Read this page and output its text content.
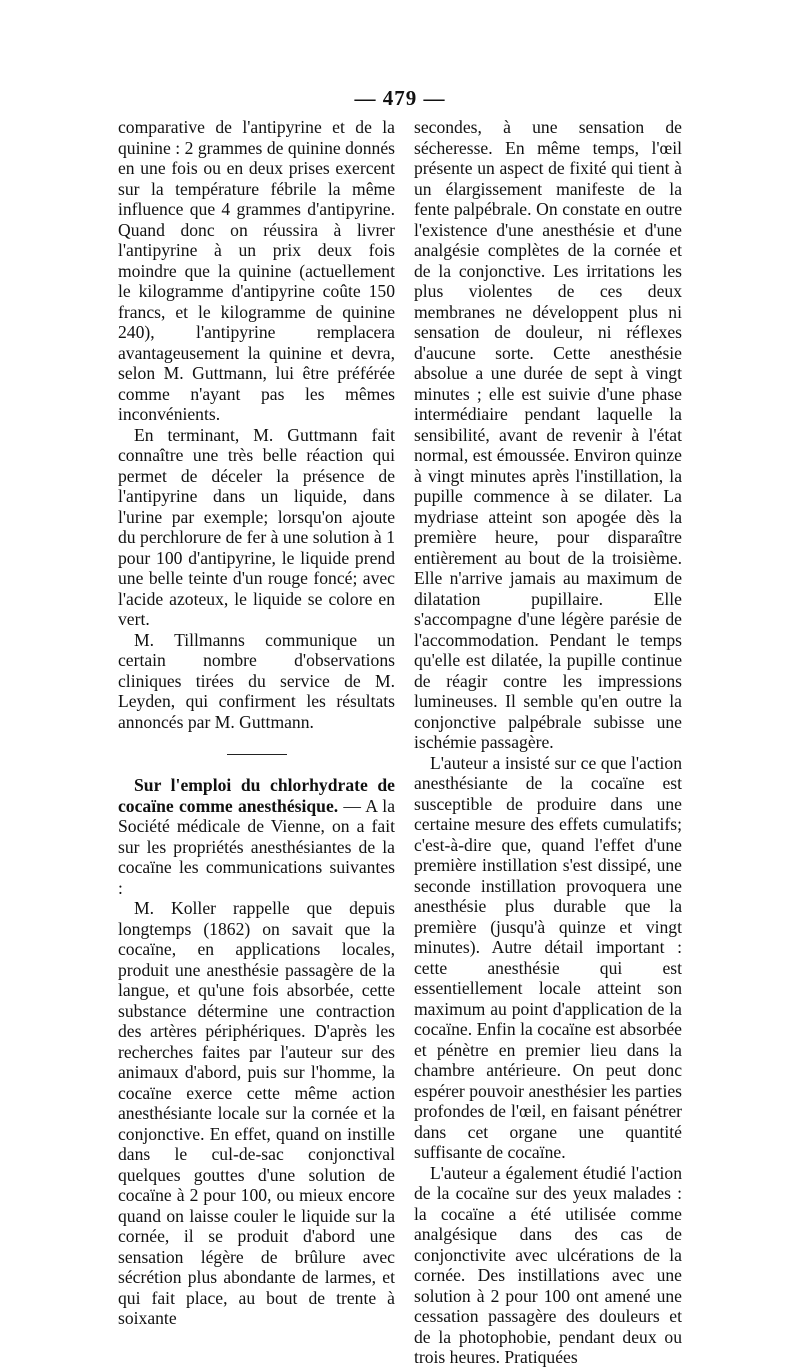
— 479 —

comparative de l'antipyrine et de la quinine : 2 grammes de quinine donnés en une fois ou en deux prises exercent sur la température fébrile la même influence que 4 grammes d'antipyrine. Quand donc on réussira à livrer l'antipyrine à un prix deux fois moindre que la quinine (actuellement le kilogramme d'antipyrine coûte 150 francs, et le kilogramme de quinine 240), l'antipyrine remplacera avantageusement la quinine et devra, selon M. Guttmann, lui être préférée comme n'ayant pas les mêmes inconvénients.

En terminant, M. Guttmann fait connaître une très belle réaction qui permet de déceler la présence de l'antipyrine dans un liquide, dans l'urine par exemple; lorsqu'on ajoute du perchlorure de fer à une solution à 1 pour 100 d'antipyrine, le liquide prend une belle teinte d'un rouge foncé; avec l'acide azoteux, le liquide se colore en vert.

M. Tillmanns communique un certain nombre d'observations cliniques tirées du service de M. Leyden, qui confirment les résultats annoncés par M. Guttmann.

Sur l'emploi du chlorhydrate de cocaïne comme anesthésique. — A la Société médicale de Vienne, on a fait sur les propriétés anesthésiantes de la cocaïne les communications suivantes :

M. Koller rappelle que depuis longtemps (1862) on savait que la cocaïne, en applications locales, produit une anesthésie passagère de la langue, et qu'une fois absorbée, cette substance détermine une contraction des artères périphériques. D'après les recherches faites par l'auteur sur des animaux d'abord, puis sur l'homme, la cocaïne exerce cette même action anesthésiante locale sur la cornée et la conjonctive. En effet, quand on instille dans le cul-de-sac conjonctival quelques gouttes d'une solution de cocaïne à 2 pour 100, ou mieux encore quand on laisse couler le liquide sur la cornée, il se produit d'abord une sensation légère de brûlure avec sécrétion plus abondante de larmes, et qui fait place, au bout de trente à soixante

secondes, à une sensation de sécheresse. En même temps, l'œil présente un aspect de fixité qui tient à un élargissement manifeste de la fente palpébrale. On constate en outre l'existence d'une anesthésie et d'une analgésie complètes de la cornée et de la conjonctive. Les irritations les plus violentes de ces deux membranes ne développent plus ni sensation de douleur, ni réflexes d'aucune sorte. Cette anesthésie absolue a une durée de sept à vingt minutes ; elle est suivie d'une phase intermédiaire pendant laquelle la sensibilité, avant de revenir à l'état normal, est émoussée. Environ quinze à vingt minutes après l'instillation, la pupille commence à se dilater. La mydriase atteint son apogée dès la première heure, pour disparaître entièrement au bout de la troisième. Elle n'arrive jamais au maximum de dilatation pupillaire. Elle s'accompagne d'une légère parésie de l'accommodation. Pendant le temps qu'elle est dilatée, la pupille continue de réagir contre les impressions lumineuses. Il semble qu'en outre la conjonctive palpébrale subisse une ischémie passagère.

L'auteur a insisté sur ce que l'action anesthésiante de la cocaïne est susceptible de produire dans une certaine mesure des effets cumulatifs; c'est-à-dire que, quand l'effet d'une première instillation s'est dissipé, une seconde instillation provoquera une anesthésie plus durable que la première (jusqu'à quinze et vingt minutes). Autre détail important : cette anesthésie qui est essentiellement locale atteint son maximum au point d'application de la cocaïne. Enfin la cocaïne est absorbée et pénètre en premier lieu dans la chambre antérieure. On peut donc espérer pouvoir anesthésier les parties profondes de l'œil, en faisant pénétrer dans cet organe une quantité suffisante de cocaïne.

L'auteur a également étudié l'action de la cocaïne sur des yeux malades : la cocaïne a été utilisée comme analgésique dans des cas de conjonctivite avec ulcérations de la cornée. Des instillations avec une solution à 2 pour 100 ont amené une cessation passagère des douleurs et de la photophobie, pendant deux ou trois heures. Pratiquées
